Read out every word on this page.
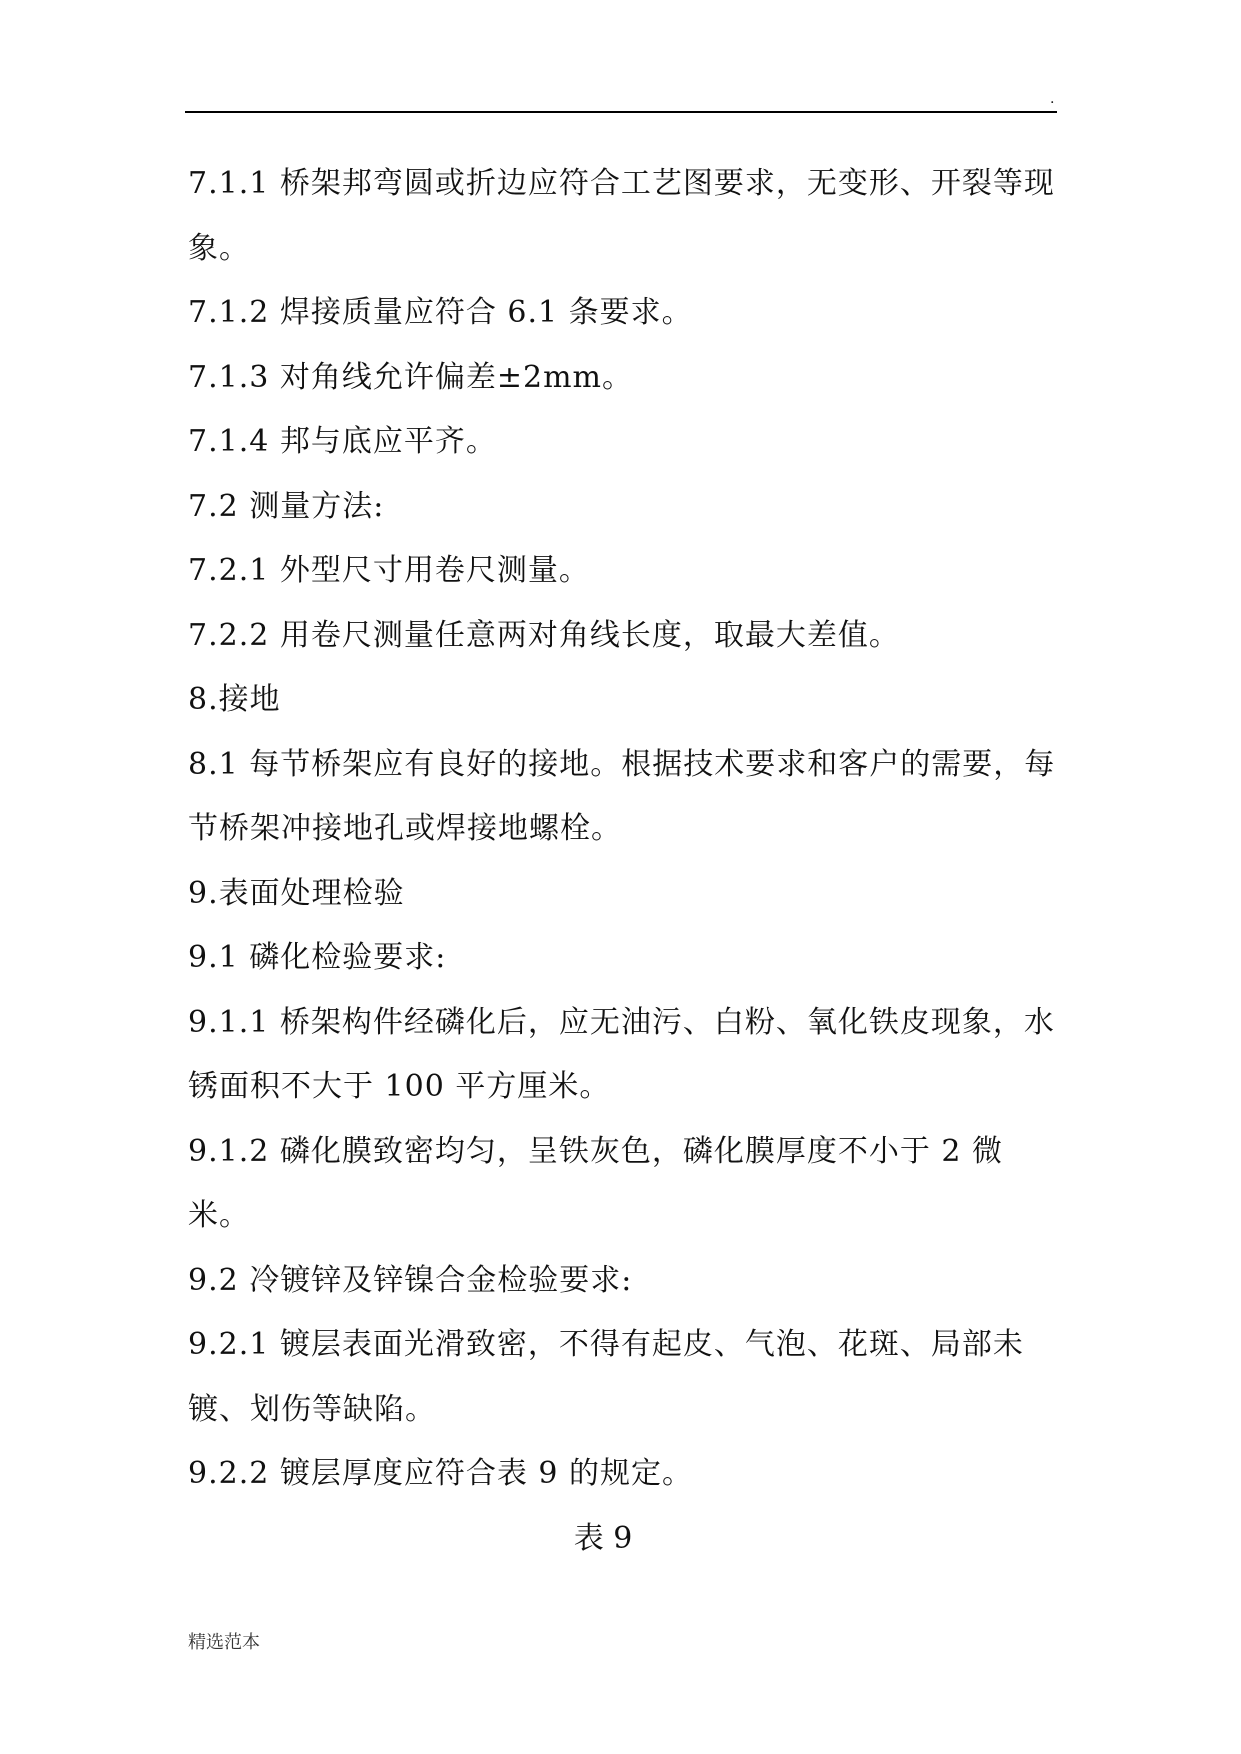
.

7.1.1 桥架邦弯圆或折边应符合工艺图要求，无变形、开裂等现象。

7.1.2 焊接质量应符合 6.1 条要求。

7.1.3 对角线允许偏差±2mm。

7.1.4 邦与底应平齐。

7.2 测量方法:

7.2.1 外型尺寸用卷尺测量。

7.2.2 用卷尺测量任意两对角线长度，取最大差值。

8.接地

8.1 每节桥架应有良好的接地。根据技术要求和客户的需要，每节桥架冲接地孔或焊接地螺栓。

9.表面处理检验

9.1 磷化检验要求:

9.1.1 桥架构件经磷化后，应无油污、白粉、氧化铁皮现象，水锈面积不大于 100 平方厘米。

9.1.2 磷化膜致密均匀，呈铁灰色，磷化膜厚度不小于 2 微米。

9.2 冷镀锌及锌镍合金检验要求:

9.2.1 镀层表面光滑致密，不得有起皮、气泡、花斑、局部未镀、划伤等缺陷。

9.2.2 镀层厚度应符合表 9 的规定。

表 9

精选范本
